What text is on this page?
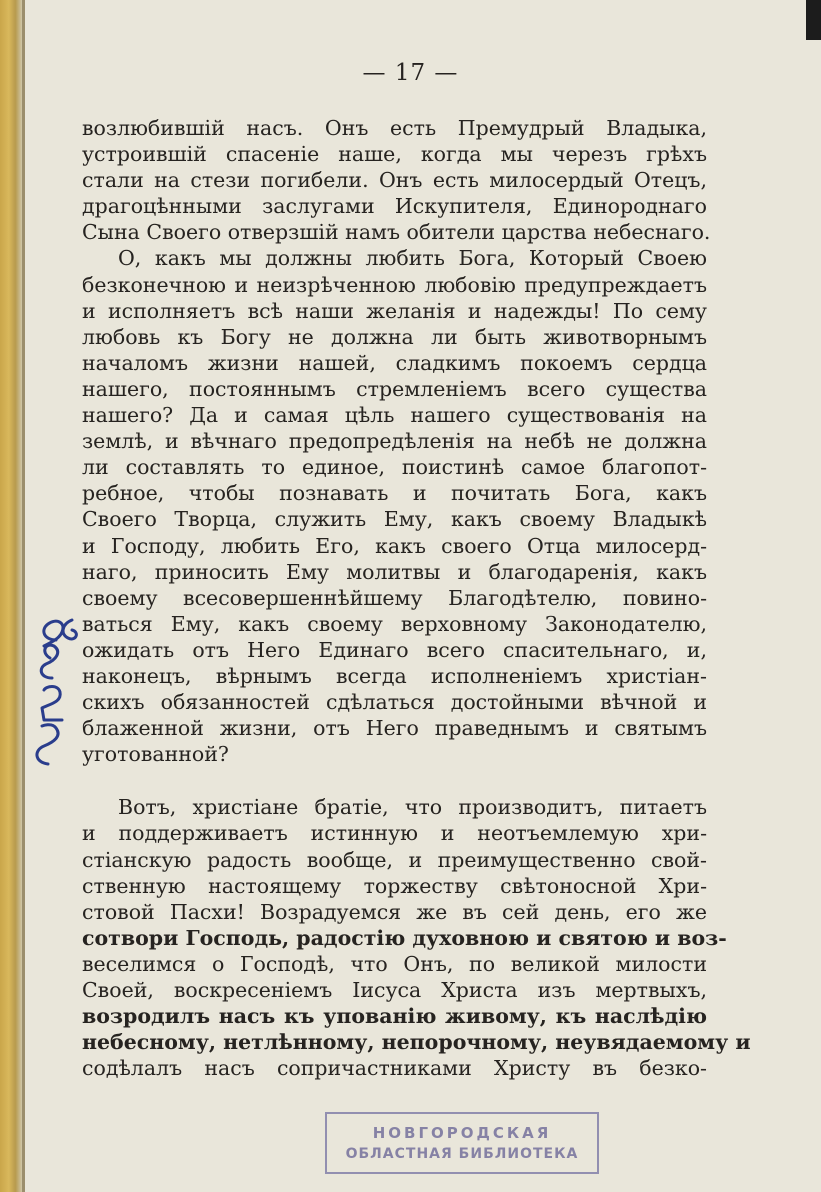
— 17 —
возлюбившій насъ. Онъ есть Премудрый Владыка,
устроившій спасеніе наше, когда мы черезъ грѣхъ
стали на стези погибели. Онъ есть милосердый Отецъ,
драгоцѣнными заслугами Искупителя, Единороднаго
Сына Своего отверзшій намъ обители царства небеснаго.
О, какъ мы должны любить Бога, Который Своею
безконечною и неизрѣченною любовію предупреждаетъ
и исполняетъ всѣ наши желанія и надежды! По сему
любовь къ Богу не должна ли быть животворнымъ
началомъ жизни нашей, сладкимъ покоемъ сердца
нашего, постояннымъ стремленіемъ всего существа
нашего? Да и самая цѣль нашего существованія на
землѣ, и вѣчнаго предопредѣленія на небѣ не должна
ли составлять то единое, поистинѣ самое благопот-
ребное, чтобы познавать и почитать Бога, какъ
Своего Творца, служить Ему, какъ своему Владыкѣ
и Господу, любить Его, какъ своего Отца милосерд-
наго, приносить Ему молитвы и благодаренія, какъ
своему всесовершеннѣйшему Благодѣтелю, повино-
ваться Ему, какъ своему верховному Законодателю,
ожидать отъ Него Единаго всего спасительнаго, и,
наконецъ, вѣрнымъ всегда исполненіемъ христіан-
скихъ обязанностей сдѣлаться достойными вѣчной и
блаженной жизни, отъ Него праведнымъ и святымъ
уготованной?
Вотъ, христіане братіе, что производитъ, питаетъ
и поддерживаетъ истинную и неотъемлемую хри-
стіанскую радость вообще, и преимущественно свой-
ственную настоящему торжеству свѣтоносной Хри-
стовой Пасхи! Возрадуемся же въ сей день, его же
сотвори Господь, радостію духовною и святою и воз-
веселимся о Господѣ, что Онъ, по великой милости
Своей, воскресеніемъ Іисуса Христа изъ мертвыхъ,
возродилъ насъ къ упованію живому, къ наслѣдію
небесному, нетлѣнному, непорочному, неувядаемому и
содѣлалъ насъ сопричастниками Христу въ безко-
НОВГОРОДСКАЯ
ОБЛАСТНАЯ БИБЛИОТЕКА
